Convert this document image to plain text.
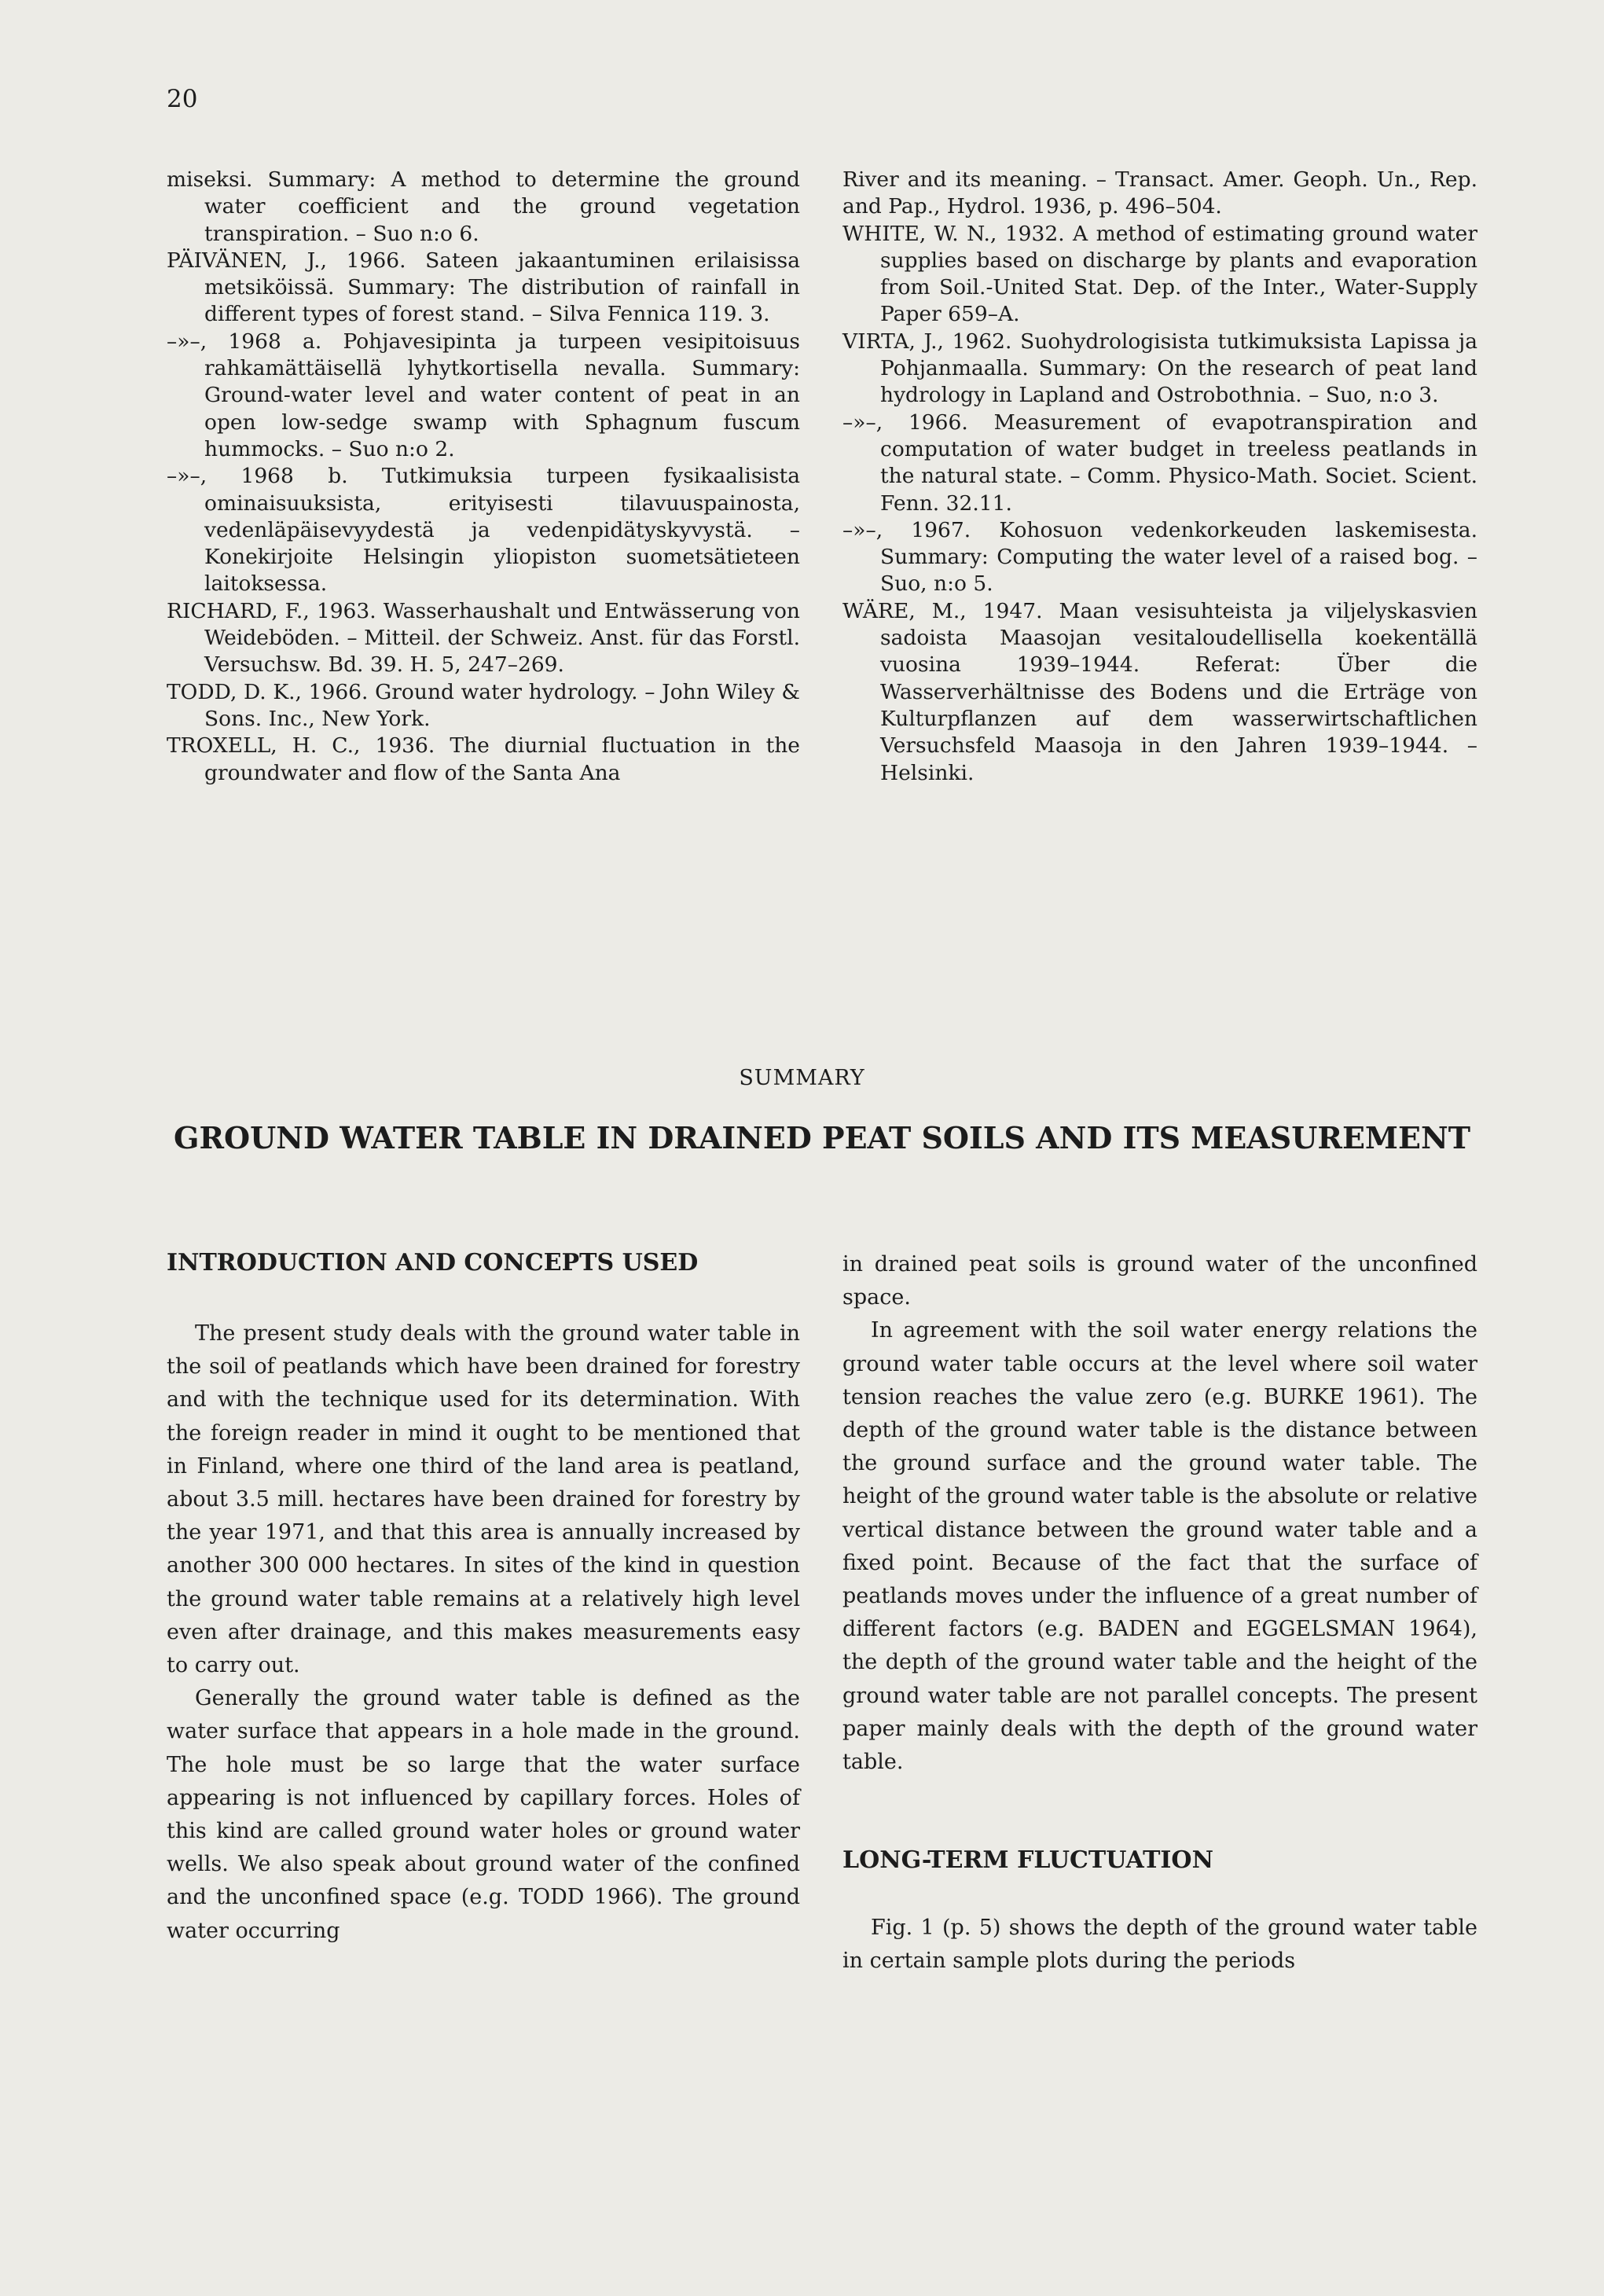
20

miseksi. Summary: A method to determine the ground water coefficient and the ground vegetation transpiration. – Suo n:o 6.

PÄIVÄNEN, J., 1966. Sateen jakaantuminen erilaisissa metsiköissä. Summary: The distribution of rainfall in different types of forest stand. – Silva Fennica 119. 3.

–»–, 1968 a. Pohjavesipinta ja turpeen vesipitoisuus rahkamättäisellä lyhytkortisella nevalla. Summary: Ground-water level and water content of peat in an open low-sedge swamp with Sphagnum fuscum hummocks. – Suo n:o 2.

–»–, 1968 b. Tutkimuksia turpeen fysikaalisista ominaisuuksista, erityisesti tilavuuspainosta, vedenläpäisevyydestä ja vedenpidätyskyvystä. – Konekirjoite Helsingin yliopiston suometsätieteen laitoksessa.

RICHARD, F., 1963. Wasserhaushalt und Entwässerung von Weideböden. – Mitteil. der Schweiz. Anst. für das Forstl. Versuchsw. Bd. 39. H. 5, 247–269.

TODD, D. K., 1966. Ground water hydrology. – John Wiley & Sons. Inc., New York.

TROXELL, H. C., 1936. The diurnial fluctuation in the groundwater and flow of the Santa Ana

River and its meaning. – Transact. Amer. Geoph. Un., Rep. and Pap., Hydrol. 1936, p. 496–504.

WHITE, W. N., 1932. A method of estimating ground water supplies based on discharge by plants and evaporation from Soil.-United Stat. Dep. of the Inter., Water-Supply Paper 659–A.

VIRTA, J., 1962. Suohydrologisista tutkimuksista Lapissa ja Pohjanmaalla. Summary: On the research of peat land hydrology in Lapland and Ostrobothnia. – Suo, n:o 3.

–»–, 1966. Measurement of evapotranspiration and computation of water budget in treeless peatlands in the natural state. – Comm. Physico-Math. Societ. Scient. Fenn. 32.11.

–»–, 1967. Kohosuon vedenkorkeuden laskemisesta. Summary: Computing the water level of a raised bog. – Suo, n:o 5.

WÄRE, M., 1947. Maan vesisuhteista ja viljelyskasvien sadoista Maasojan vesitaloudellisella koekentällä vuosina 1939–1944. Referat: Über die Wasserverhältnisse des Bodens und die Erträge von Kulturpflanzen auf dem wasserwirtschaftlichen Versuchsfeld Maasoja in den Jahren 1939–1944. – Helsinki.

SUMMARY
GROUND WATER TABLE IN DRAINED PEAT SOILS AND ITS MEASUREMENT
INTRODUCTION AND CONCEPTS USED

The present study deals with the ground water table in the soil of peatlands which have been drained for forestry and with the technique used for its determination. With the foreign reader in mind it ought to be mentioned that in Finland, where one third of the land area is peatland, about 3.5 mill. hectares have been drained for forestry by the year 1971, and that this area is annually increased by another 300 000 hectares. In sites of the kind in question the ground water table remains at a relatively high level even after drainage, and this makes measurements easy to carry out.

Generally the ground water table is defined as the water surface that appears in a hole made in the ground. The hole must be so large that the water surface appearing is not influenced by capillary forces. Holes of this kind are called ground water holes or ground water wells. We also speak about ground water of the confined and the unconfined space (e.g. TODD 1966). The ground water occurring

in drained peat soils is ground water of the unconfined space.

In agreement with the soil water energy relations the ground water table occurs at the level where soil water tension reaches the value zero (e.g. BURKE 1961). The depth of the ground water table is the distance between the ground surface and the ground water table. The height of the ground water table is the absolute or relative vertical distance between the ground water table and a fixed point. Because of the fact that the surface of peatlands moves under the influence of a great number of different factors (e.g. BADEN and EGGELSMAN 1964), the depth of the ground water table and the height of the ground water table are not parallel concepts. The present paper mainly deals with the depth of the ground water table.

LONG-TERM FLUCTUATION

Fig. 1 (p. 5) shows the depth of the ground water table in certain sample plots during the periods
